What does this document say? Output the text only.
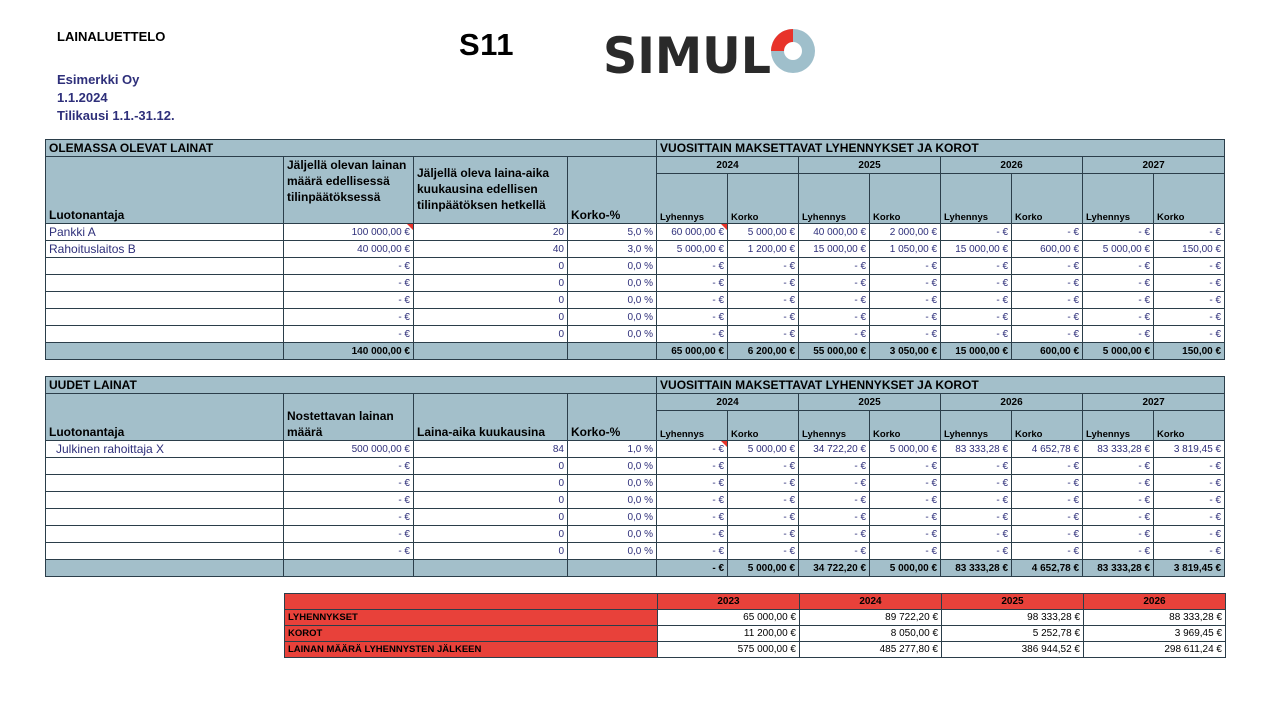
LAINALUETTELO	S11 SIMUL
Esimerkki Oy
1.1.2024
Tilikausi 1.1.-31.12.
OLEMASSA OLEVAT LAINAT				VUOSITTAIN MAKSETTAVAT LYHENNYKSET JA KOROT							
Luotonantaja	Jäljellä olevan lainan määrä edellisessä tilinpäätöksessä	Jäljellä oleva laina-aika kuukausina edellisen tilinpäätöksen hetkellä	Korko-%	2024		2025		2026		2027	
				Lyhennys	Korko	Lyhennys	Korko	Lyhennys	Korko	Lyhennys	Korko
Pankki A	100 000,00 €	20	5,0 %	60 000,00 €	5 000,00 €	40 000,00 €	2 000,00 €	- €	- €	- €	- €
Rahoituslaitos B	40 000,00 €	40	3,0 %	5 000,00 €	1 200,00 €	15 000,00 €	1 050,00 €	15 000,00 €	600,00 €	5 000,00 €	150,00 €
	- €	0	0,0 %	- €	- €	- €	- €	- €	- €	- €	- €
	- €	0	0,0 %	- €	- €	- €	- €	- €	- €	- €	- €
	- €	0	0,0 %	- €	- €	- €	- €	- €	- €	- €	- €
	- €	0	0,0 %	- €	- €	- €	- €	- €	- €	- €	- €
	- €	0	0,0 %	- €	- €	- €	- €	- €	- €	- €	- €
	140 000,00 €			65 000,00 €	6 200,00 €	55 000,00 €	3 050,00 €	15 000,00 €	600,00 €	5 000,00 €	150,00 €
UUDET LAINAT				VUOSITTAIN MAKSETTAVAT LYHENNYKSET JA KOROT							
Luotonantaja	Nostettavan lainan määrä	Laina-aika kuukausina	Korko-%	2024		2025		2026		2027	
				Lyhennys	Korko	Lyhennys	Korko	Lyhennys	Korko	Lyhennys	Korko
Julkinen rahoittaja X	500 000,00 €	84	1,0 %	- €	5 000,00 €	34 722,20 €	5 000,00 €	83 333,28 €	4 652,78 €	83 333,28 €	3 819,45 €
	- €	0	0,0 %	- €	- €	- €	- €	- €	- €	- €	- €
	- €	0	0,0 %	- €	- €	- €	- €	- €	- €	- €	- €
	- €	0	0,0 %	- €	- €	- €	- €	- €	- €	- €	- €
	- €	0	0,0 %	- €	- €	- €	- €	- €	- €	- €	- €
	- €	0	0,0 %	- €	- €	- €	- €	- €	- €	- €	- €
	- €	0	0,0 %	- €	- €	- €	- €	- €	- €	- €	- €
				- €	5 000,00 €	34 722,20 €	5 000,00 €	83 333,28 €	4 652,78 €	83 333,28 €	3 819,45 €
	2023	2024	2025	2026
LYHENNYKSET	65 000,00 €	89 722,20 €	98 333,28 €	88 333,28 €
KOROT	11 200,00 €	8 050,00 €	5 252,78 €	3 969,45 €
LAINAN MÄÄRÄ LYHENNYSTEN JÄLKEEN	575 000,00 €	485 277,80 €	386 944,52 €	298 611,24 €
